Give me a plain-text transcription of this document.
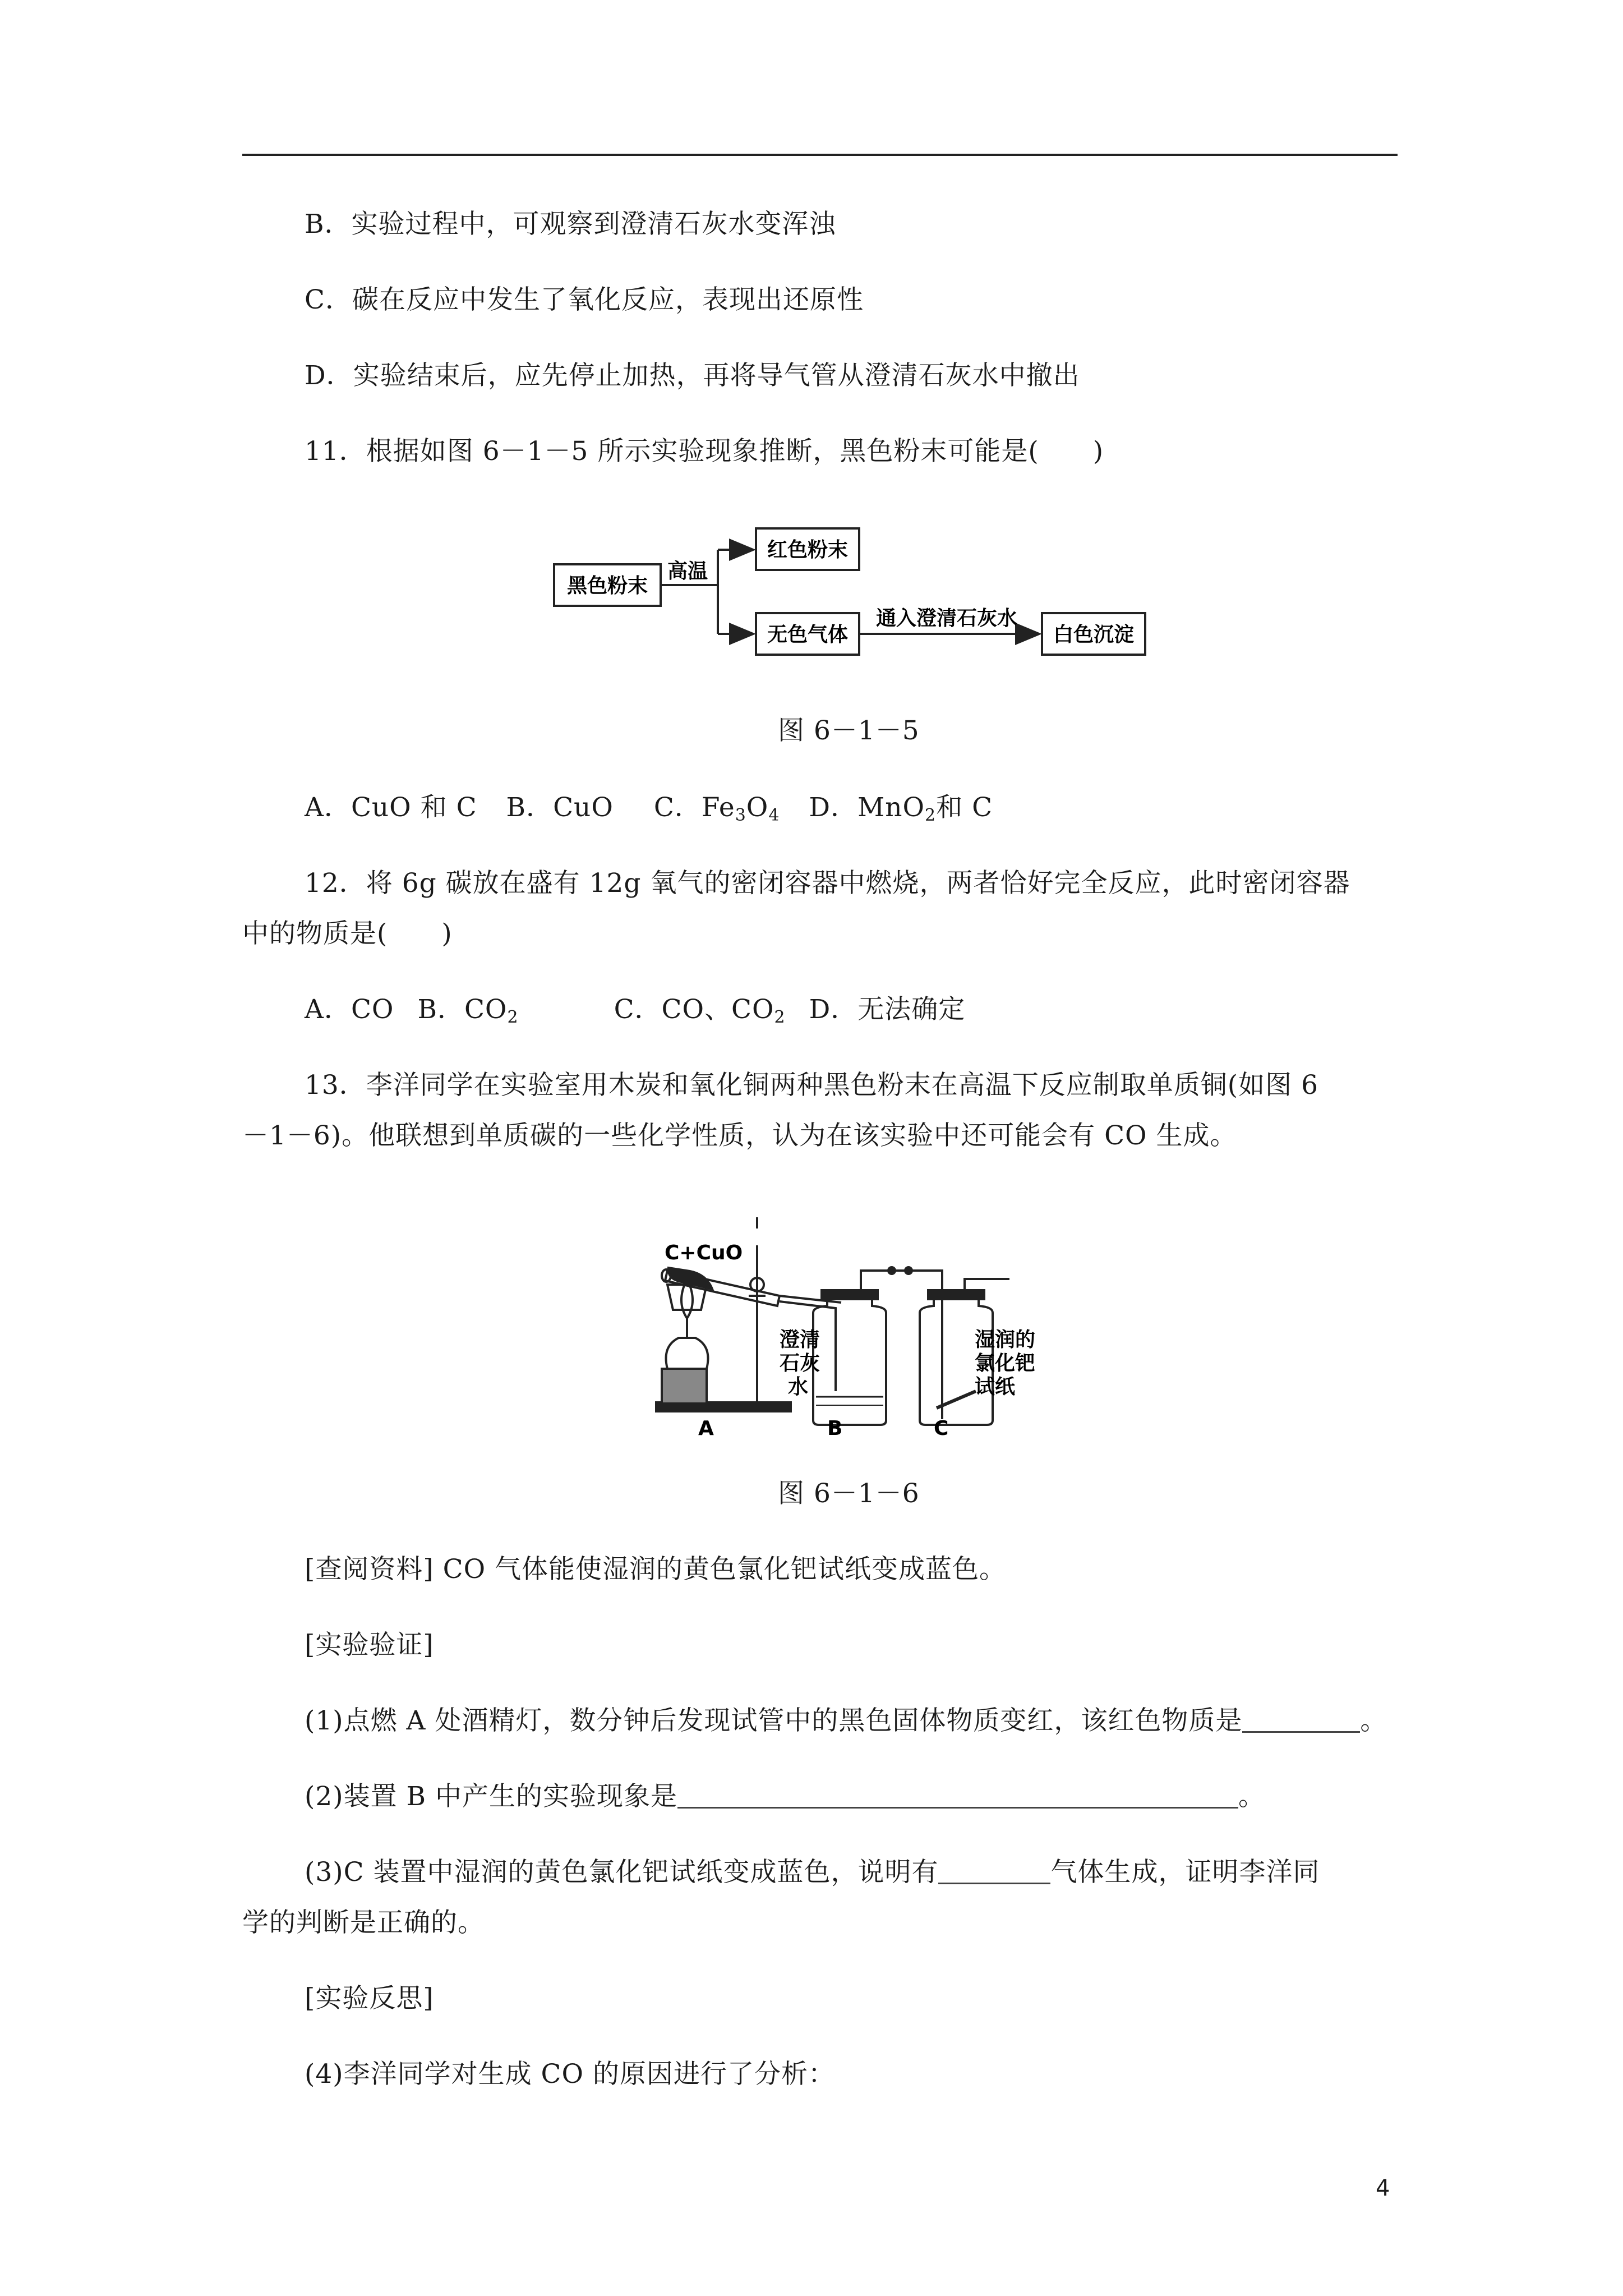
B．实验过程中，可观察到澄清石灰水变浑浊
C．碳在反应中发生了氧化反应，表现出还原性
D．实验结束后，应先停止加热，再将导气管从澄清石灰水中撤出
11．根据如图 6－1－5 所示实验现象推断，黑色粉末可能是(　　)
黑色粉末
高温
红色粉末
无色气体
通入澄清石灰水
白色沉淀
图 6－1－5
A．CuO 和 C B．CuO C．$Fe_3O_4$ D．MnO$_2$和 C
12．将 6g 碳放在盛有 12g 氧气的密闭容器中燃烧，两者恰好完全反应，此时密闭容器
中的物质是(　　)
A．CO B．$CO_2$	C．CO、$CO_2$ D．无法确定
13．李洋同学在实验室用木炭和氧化铜两种黑色粉末在高温下反应制取单质铜(如图 6
－1－6)。他联想到单质碳的一些化学性质，认为在该实验中还可能会有 CO 生成。
C+CuO
澄清
石灰
水
湿润的
氯化钯
试纸
A	B	C
图 6－1－6
[查阅资料] CO 气体能使湿润的黄色氯化钯试纸变成蓝色。
[实验验证]
(1)点燃 A 处酒精灯，数分钟后发现试管中的黑色固体物质变红，该红色物质是	。
(2)装置 B 中产生的实验现象是	。
(3)C 装置中湿润的黄色氯化钯试纸变成蓝色，说明有	气体生成，证明李洋同
学的判断是正确的。
[实验反思]
(4)李洋同学对生成 CO 的原因进行了分析：
4
